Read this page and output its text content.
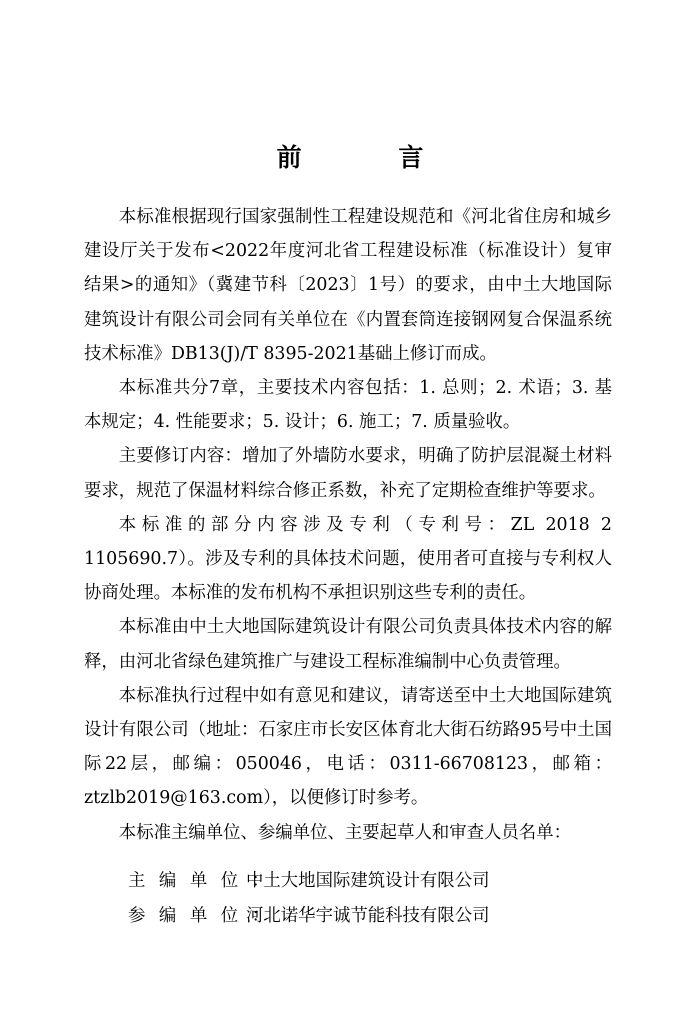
前 言

本标准根据现行国家强制性工程建设规范和《河北省住房和城乡建设厅关于发布<2022年度河北省工程建设标准（标准设计）复审结果>的通知》（冀建节科〔2023〕1号）的要求，由中土大地国际建筑设计有限公司会同有关单位在《内置套筒连接钢网复合保温系统技术标准》DB13(J)/T 8395-2021基础上修订而成。

本标准共分7章，主要技术内容包括：1. 总则；2. 术语；3. 基本规定；4. 性能要求；5. 设计；6. 施工；7. 质量验收。

主要修订内容：增加了外墙防水要求，明确了防护层混凝土材料要求，规范了保温材料综合修正系数，补充了定期检查维护等要求。

本标准的部分内容涉及专利（专利号：ZL 2018 2 1105690.7）。涉及专利的具体技术问题，使用者可直接与专利权人协商处理。本标准的发布机构不承担识别这些专利的责任。

本标准由中土大地国际建筑设计有限公司负责具体技术内容的解释，由河北省绿色建筑推广与建设工程标准编制中心负责管理。

本标准执行过程中如有意见和建议，请寄送至中土大地国际建筑设计有限公司（地址：石家庄市长安区体育北大街石纺路95号中土国际22层，邮编：050046，电话：0311-66708123，邮箱：ztzlb2019@163.com），以便修订时参考。

本标准主编单位、参编单位、主要起草人和审查人员名单：

主 编 单 位 ：中土大地国际建筑设计有限公司
参 编 单 位 ：河北诺华宇诚节能科技有限公司
